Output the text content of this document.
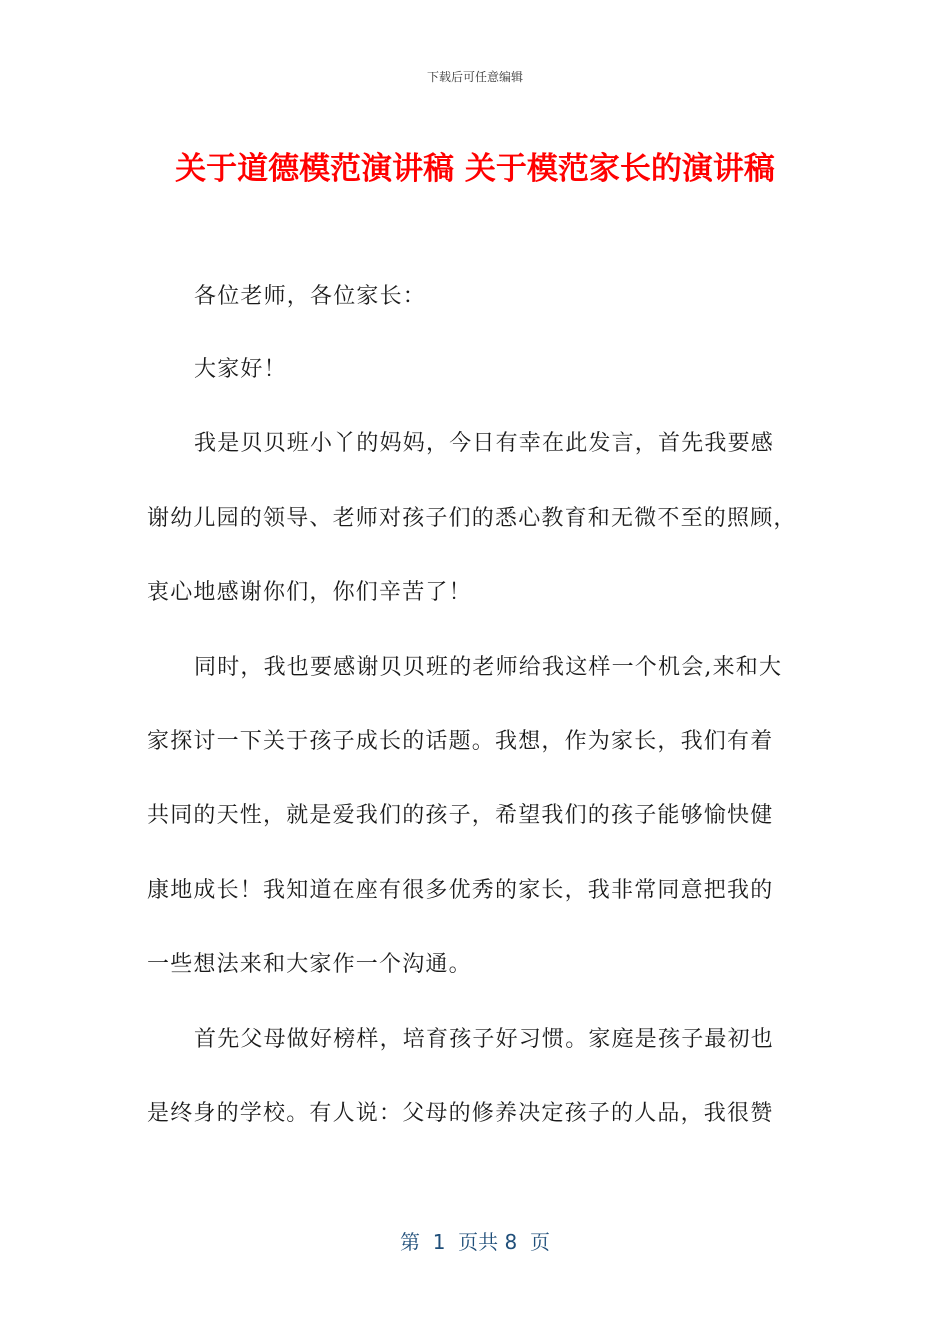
下载后可任意编辑
关于道德模范演讲稿 关于模范家长的演讲稿
各位老师，各位家长：
大家好！
我是贝贝班小丫的妈妈，今日有幸在此发言，首先我要感
谢幼儿园的领导、老师对孩子们的悉心教育和无微不至的照顾，
衷心地感谢你们，你们辛苦了！
同时，我也要感谢贝贝班的老师给我这样一个机会,来和大
家探讨一下关于孩子成长的话题。我想，作为家长，我们有着
共同的天性，就是爱我们的孩子，希望我们的孩子能够愉快健
康地成长！我知道在座有很多优秀的家长，我非常同意把我的
一些想法来和大家作一个沟通。
首先父母做好榜样，培育孩子好习惯。家庭是孩子最初也
是终身的学校。有人说：父母的修养决定孩子的人品，我很赞
第  1  页共 8  页
